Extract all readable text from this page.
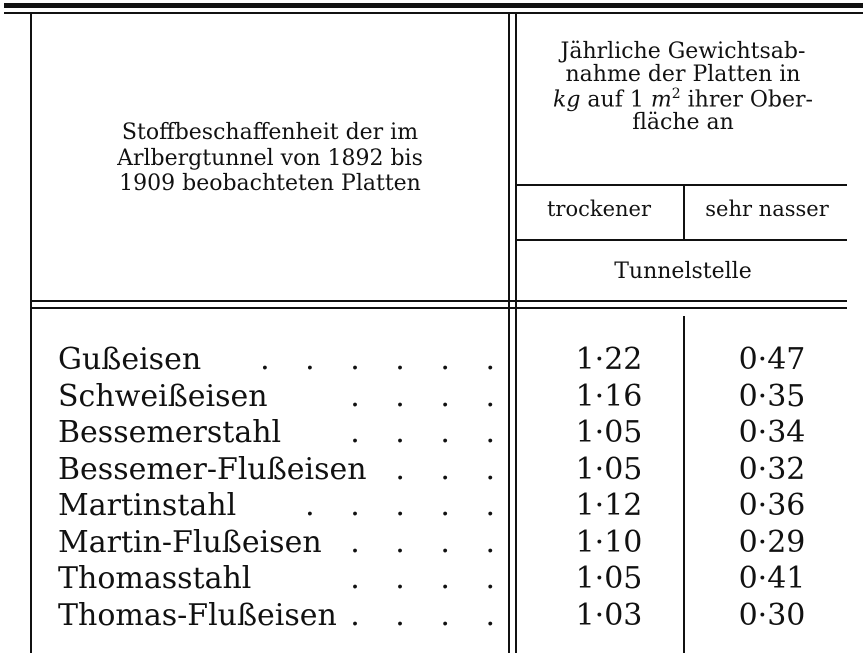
Stoffbeschaffenheit der im
Arlbergtunnel von 1892 bis
1909 beobachteten Platten
Jährliche Gewichtsab-
nahme der Platten in
kg auf 1 $m^2$ ihrer Ober-
fläche an
trockener	sehr nasser
Tunnelstelle
Gußeisen . . . . . . 1·22	0·47
Schweißeisen	. . . . 1·16	0·35
Bessemerstahl . . . . 1·05	0·34
Bessemer-Flußeisen . . . 1·05	0·32
Martinstahl . . . . . 1·12	0·36
Martin-Flußeisen . . . . 1·10	0·29
Thomasstahl	. . . . 1·05	0·41
Thomas-Flußeisen . . . . 1·03	0·30
